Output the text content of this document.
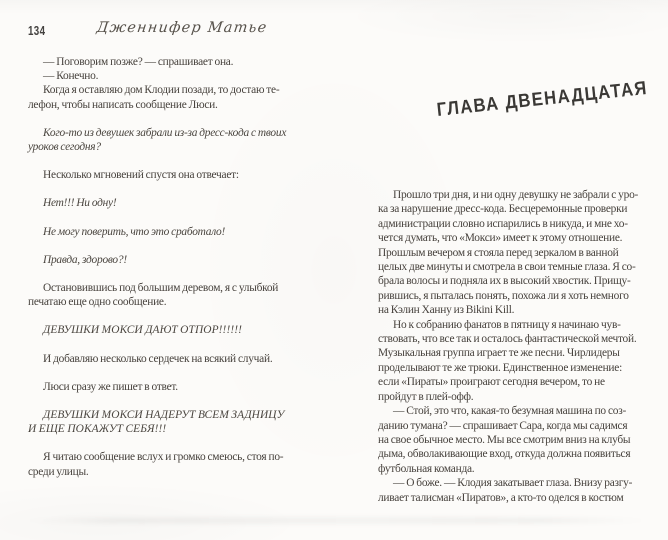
134	Дженнифер Матье
— Поговорим позже? — спрашивает она.
— Конечно.
Когда я оставляю дом Клодии позади, то достаю те-
лефон, чтобы написать сообщение Люси.
Кого-то из девушек забрали из-за дресс-кода с твоих
уроков сегодня?
Несколько мгновений спустя она отвечает:
Нет!!! Ни одну!
Не могу поверить, что это сработало!
Правда, здорово?!
Остановившись под большим деревом, я с улыбкой
печатаю еще одно сообщение.
ДЕВУШКИ МОКСИ ДАЮТ ОТПОР!!!!!!
И добавляю несколько сердечек на всякий случай.
Люси сразу же пишет в ответ.
ДЕВУШКИ МОКСИ НАДЕРУТ ВСЕМ ЗАДНИЦУ
И ЕЩЕ ПОКАЖУТ СЕБЯ!!!
Я читаю сообщение вслух и громко смеюсь, стоя по-
среди улицы.
ГЛАВА ДВЕНАДЦАТАЯ
Прошло три дня, и ни одну девушку не забрали с уро-
ка за нарушение дресс-кода. Бесцеремонные проверки
администрации словно испарились в никуда, и мне хо-
чется думать, что «Мокси» имеет к этому отношение.
Прошлым вечером я стояла перед зеркалом в ванной
целых две минуты и смотрела в свои темные глаза. Я со-
брала волосы и подняла их в высокий хвостик. Прищу-
рившись, я пыталась понять, похожа ли я хоть немного
на Кэлин Ханну из Bikini Kill.
Но к собранию фанатов в пятницу я начинаю чув-
ствовать, что все так и осталось фантастической мечтой.
Музыкальная группа играет те же песни. Чирлидеры
проделывают те же трюки. Единственное изменение:
если «Пираты» проиграют сегодня вечером, то не
пройдут в плей-офф.
— Стой, это что, какая-то безумная машина по соз-
данию тумана? — спрашивает Сара, когда мы садимся
на свое обычное место. Мы все смотрим вниз на клубы
дыма, обволакивающие вход, откуда должна появиться
футбольная команда.
— О боже. — Клодия закатывает глаза. Внизу разгу-
ливает талисман «Пиратов», а кто-то оделся в костюм
